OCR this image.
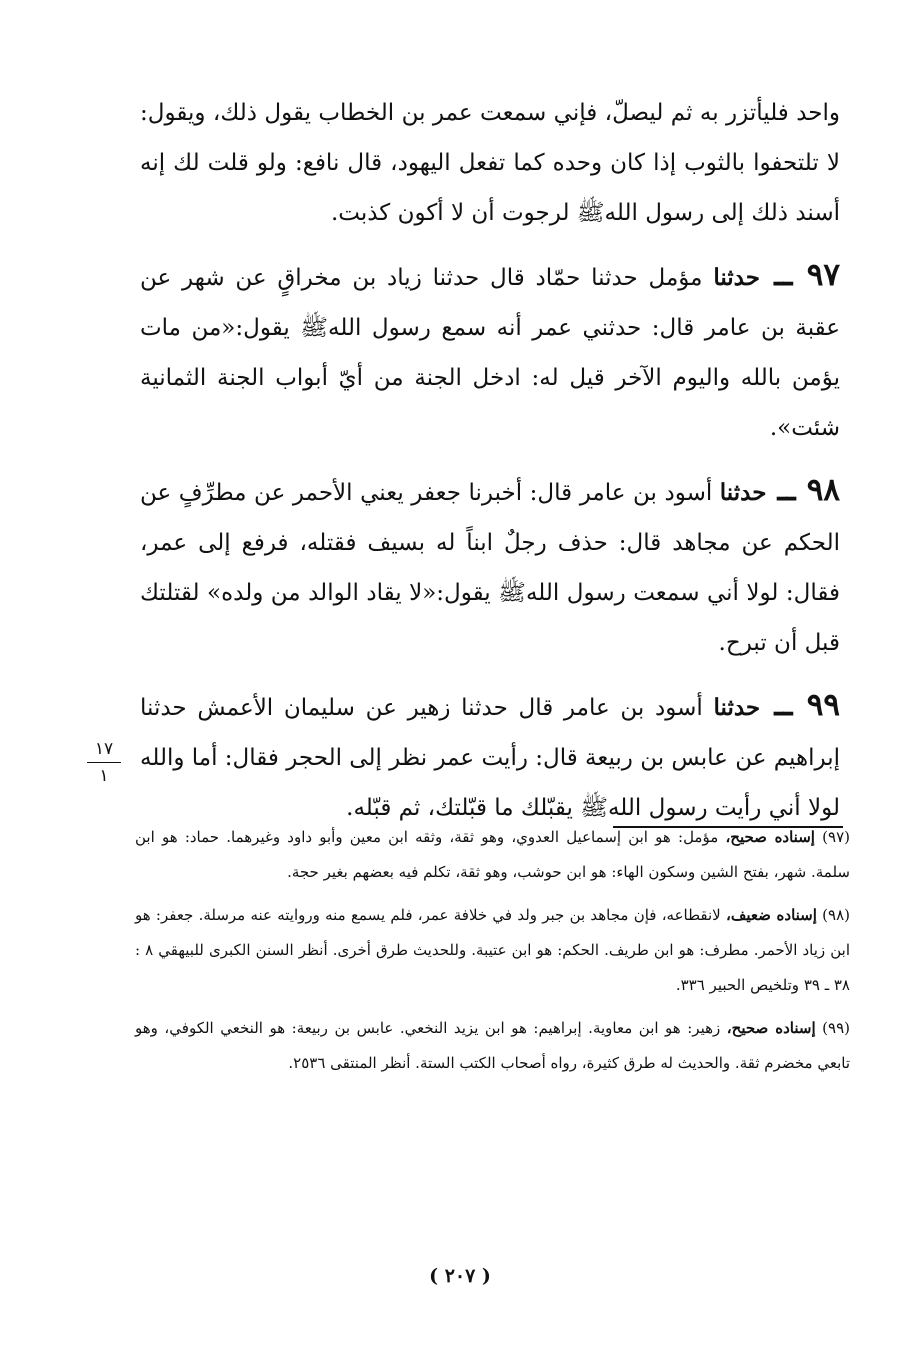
واحد فليأتزر به ثم ليصلّ، فإني سمعت عمر بن الخطاب يقول ذلك، ويقول: لا تلتحفوا بالثوب إذا كان وحده كما تفعل اليهود، قال نافع: ولو قلت لك إنه أسند ذلك إلى رسول اللهﷺ لرجوت أن لا أكون كذبت.

٩٧ ــ حدثنا مؤمل حدثنا حمّاد قال حدثنا زياد بن مخراقٍ عن شهر عن عقبة بن عامر قال: حدثني عمر أنه سمع رسول اللهﷺ يقول:«من مات يؤمن بالله واليوم الآخر قيل له: ادخل الجنة من أيّ أبواب الجنة الثمانية شئت».

٩٨ ــ حدثنا أسود بن عامر قال: أخبرنا جعفر يعني الأحمر عن مطرِّفٍ عن الحكم عن مجاهد قال: حذف رجلٌ ابناً له بسيف فقتله، فرفع إلى عمر، فقال: لولا أني سمعت رسول اللهﷺ يقول:«لا يقاد الوالد من ولده» لقتلتك قبل أن تبرح.

٩٩ ــ حدثنا أسود بن عامر قال حدثنا زهير عن سليمان الأعمش حدثنا إبراهيم عن عابس بن ربيعة قال: رأيت عمر نظر إلى الحجر فقال: أما والله لولا أني رأيت رسول اللهﷺ يقبّلك ما قبّلتك، ثم قبّله.

١٧
١

(٩٧) إسناده صحيح، مؤمل: هو ابن إسماعيل العدوي، وهو ثقة، وثقه ابن معين وأبو داود وغيرهما. حماد: هو ابن سلمة. شهر، بفتح الشين وسكون الهاء: هو ابن حوشب، وهو ثقة، تكلم فيه بعضهم بغير حجة.

(٩٨) إسناده ضعيف، لانقطاعه، فإن مجاهد بن جبر ولد في خلافة عمر، فلم يسمع منه وروايته عنه مرسلة. جعفر: هو ابن زياد الأحمر. مطرف: هو ابن طريف. الحكم: هو ابن عتيبة. وللحديث طرق أخرى. أنظر السنن الكبرى للبيهقي ٨ : ٣٨ ـ ٣٩ وتلخيص الحبير ٣٣٦.

(٩٩) إسناده صحيح، زهير: هو ابن معاوية. إبراهيم: هو ابن يزيد النخعي. عابس بن ربيعة: هو النخعي الكوفي، وهو تابعي مخضرم ثقة. والحديث له طرق كثيرة، رواه أصحاب الكتب الستة. أنظر المنتقى ٢٥٣٦.

( ٢٠٧ )
